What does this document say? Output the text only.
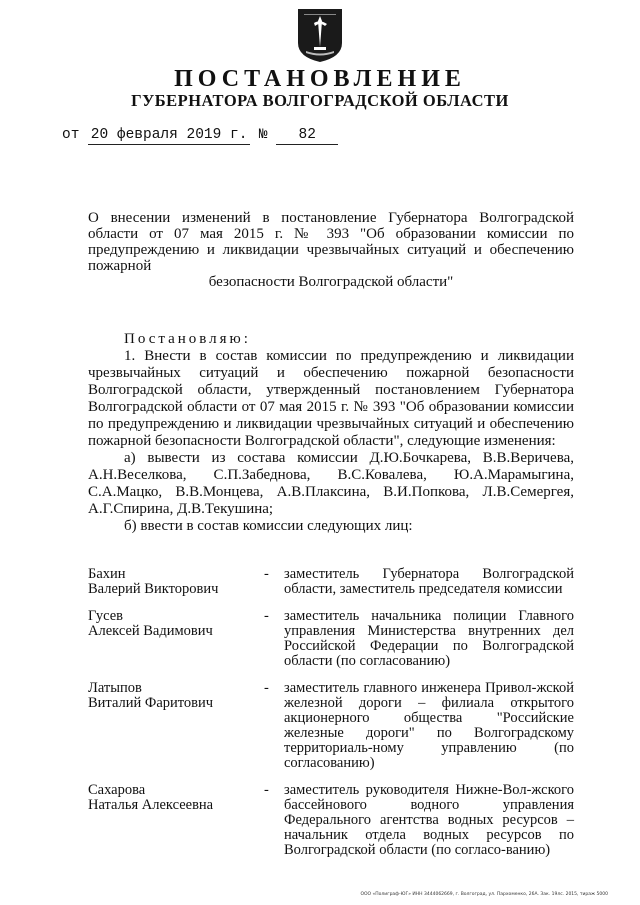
ПОСТАНОВЛЕНИЕ
ГУБЕРНАТОРА ВОЛГОГРАДСКОЙ ОБЛАСТИ
от 20 февраля 2019 г. № 82
О внесении изменений в постановление Губернатора Волгоградской области от 07 мая 2015 г. № 393 "Об образовании комиссии по предупреждению и ликвидации чрезвычайных ситуаций и обеспечению пожарной
безопасности Волгоградской области"

Постановляю:

1. Внести в состав комиссии по предупреждению и ликвидации чрезвычайных ситуаций и обеспечению пожарной безопасности Волгоградской области, утвержденный постановлением Губернатора Волгоградской области от 07 мая 2015 г. № 393 "Об образовании комиссии по предупреждению и ликвидации чрезвычайных ситуаций и обеспечению пожарной безопасности Волгоградской области", следующие изменения:

а) вывести из состава комиссии Д.Ю.Бочкарева, В.В.Веричева, А.Н.Веселкова, С.П.Забеднова, В.С.Ковалева, Ю.А.Марамыгина, С.А.Мацко, В.В.Монцева, А.В.Плаксина, В.И.Попкова, Л.В.Семергея, А.Г.Спирина, Д.В.Текушина;

б) ввести в состав комиссии следующих лиц:

Бахин
Валерий Викторович
- заместитель Губернатора Волгоградской области, заместитель председателя комиссии
Гусев
Алексей Вадимович
- заместитель начальника полиции Главного управления Министерства внутренних дел Российской Федерации по Волгоградской области (по согласованию)
Латыпов
Виталий Фаритович
- заместитель главного инженера Привол-жской железной дороги – филиала открытого акционерного общества "Российские железные дороги" по Волгоградскому территориаль-ному управлению (по согласованию)
Сахарова
Наталья Алексеевна
- заместитель руководителя Нижне-Вол-жского бассейнового водного управления Федерального агентства водных ресурсов – начальник отдела водных ресурсов по Волгоградской области (по согласо-ванию)
ООО «Полиграф-ЮГ» ИНН 3444062669, г. Волгоград, ул. Пархоменко, 26А. Зак. 19лс. 2015, тираж 5000
